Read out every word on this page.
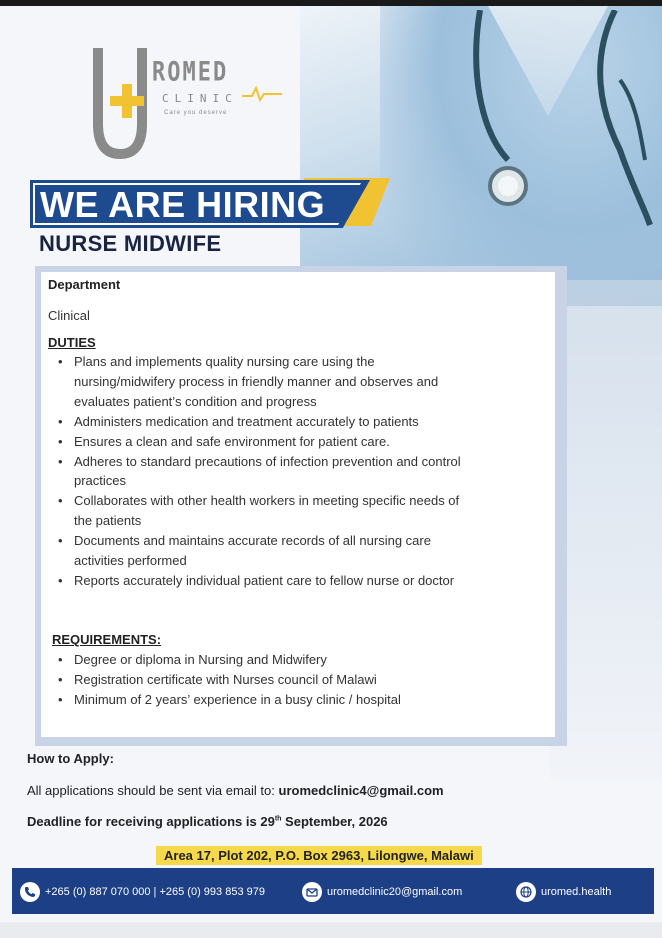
ROMED
CLINIC
Care you deserve
WE ARE HIRING
NURSE MIDWIFE
Department
Clinical
DUTIES
• Plans and implements quality nursing care using the
nursing/midwifery process in friendly manner and observes and
evaluates patient’s condition and progress
• Administers medication and treatment accurately to patients
• Ensures a clean and safe environment for patient care.
• Adheres to standard precautions of infection prevention and control
practices
• Collaborates with other health workers in meeting specific needs of
the patients
• Documents and maintains accurate records of all nursing care
activities performed
• Reports accurately individual patient care to fellow nurse or doctor
REQUIREMENTS:
• Degree or diploma in Nursing and Midwifery
• Registration certificate with Nurses council of Malawi
• Minimum of 2 years’ experience in a busy clinic / hospital
How to Apply:
All applications should be sent via email to: uromedclinic4@gmail.com
Deadline for receiving applications is 29th September, 2026
Area 17, Plot 202, P.O. Box 2963, Lilongwe, Malawi
+265 (0) 887 070 000 | +265 (0) 993 853 979	uromedclinic20@gmail.com	uromed.health
